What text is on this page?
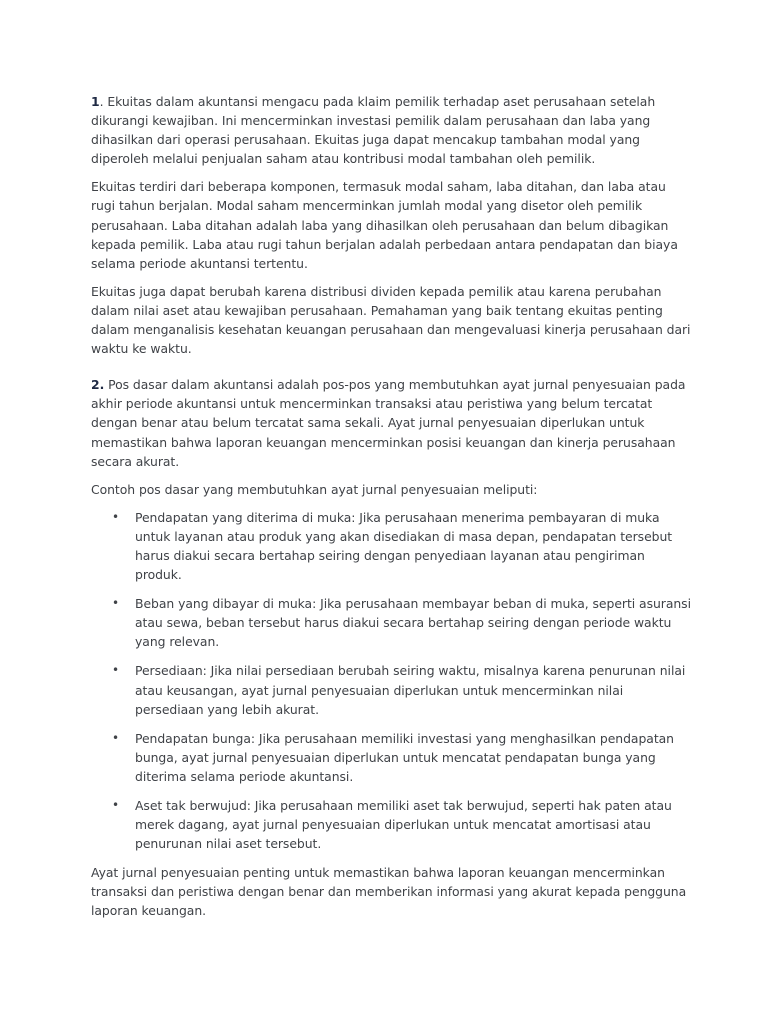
1. Ekuitas dalam akuntansi mengacu pada klaim pemilik terhadap aset perusahaan setelah dikurangi kewajiban. Ini mencerminkan investasi pemilik dalam perusahaan dan laba yang dihasilkan dari operasi perusahaan. Ekuitas juga dapat mencakup tambahan modal yang diperoleh melalui penjualan saham atau kontribusi modal tambahan oleh pemilik.

Ekuitas terdiri dari beberapa komponen, termasuk modal saham, laba ditahan, dan laba atau rugi tahun berjalan. Modal saham mencerminkan jumlah modal yang disetor oleh pemilik perusahaan. Laba ditahan adalah laba yang dihasilkan oleh perusahaan dan belum dibagikan kepada pemilik. Laba atau rugi tahun berjalan adalah perbedaan antara pendapatan dan biaya selama periode akuntansi tertentu.

Ekuitas juga dapat berubah karena distribusi dividen kepada pemilik atau karena perubahan dalam nilai aset atau kewajiban perusahaan. Pemahaman yang baik tentang ekuitas penting dalam menganalisis kesehatan keuangan perusahaan dan mengevaluasi kinerja perusahaan dari waktu ke waktu.

2. Pos dasar dalam akuntansi adalah pos-pos yang membutuhkan ayat jurnal penyesuaian pada akhir periode akuntansi untuk mencerminkan transaksi atau peristiwa yang belum tercatat dengan benar atau belum tercatat sama sekali. Ayat jurnal penyesuaian diperlukan untuk memastikan bahwa laporan keuangan mencerminkan posisi keuangan dan kinerja perusahaan secara akurat.

Contoh pos dasar yang membutuhkan ayat jurnal penyesuaian meliputi:

• Pendapatan yang diterima di muka: Jika perusahaan menerima pembayaran di muka untuk layanan atau produk yang akan disediakan di masa depan, pendapatan tersebut harus diakui secara bertahap seiring dengan penyediaan layanan atau pengiriman produk.
• Beban yang dibayar di muka: Jika perusahaan membayar beban di muka, seperti asuransi atau sewa, beban tersebut harus diakui secara bertahap seiring dengan periode waktu yang relevan.
• Persediaan: Jika nilai persediaan berubah seiring waktu, misalnya karena penurunan nilai atau keusangan, ayat jurnal penyesuaian diperlukan untuk mencerminkan nilai persediaan yang lebih akurat.
• Pendapatan bunga: Jika perusahaan memiliki investasi yang menghasilkan pendapatan bunga, ayat jurnal penyesuaian diperlukan untuk mencatat pendapatan bunga yang diterima selama periode akuntansi.
• Aset tak berwujud: Jika perusahaan memiliki aset tak berwujud, seperti hak paten atau merek dagang, ayat jurnal penyesuaian diperlukan untuk mencatat amortisasi atau penurunan nilai aset tersebut.

Ayat jurnal penyesuaian penting untuk memastikan bahwa laporan keuangan mencerminkan transaksi dan peristiwa dengan benar dan memberikan informasi yang akurat kepada pengguna laporan keuangan.
